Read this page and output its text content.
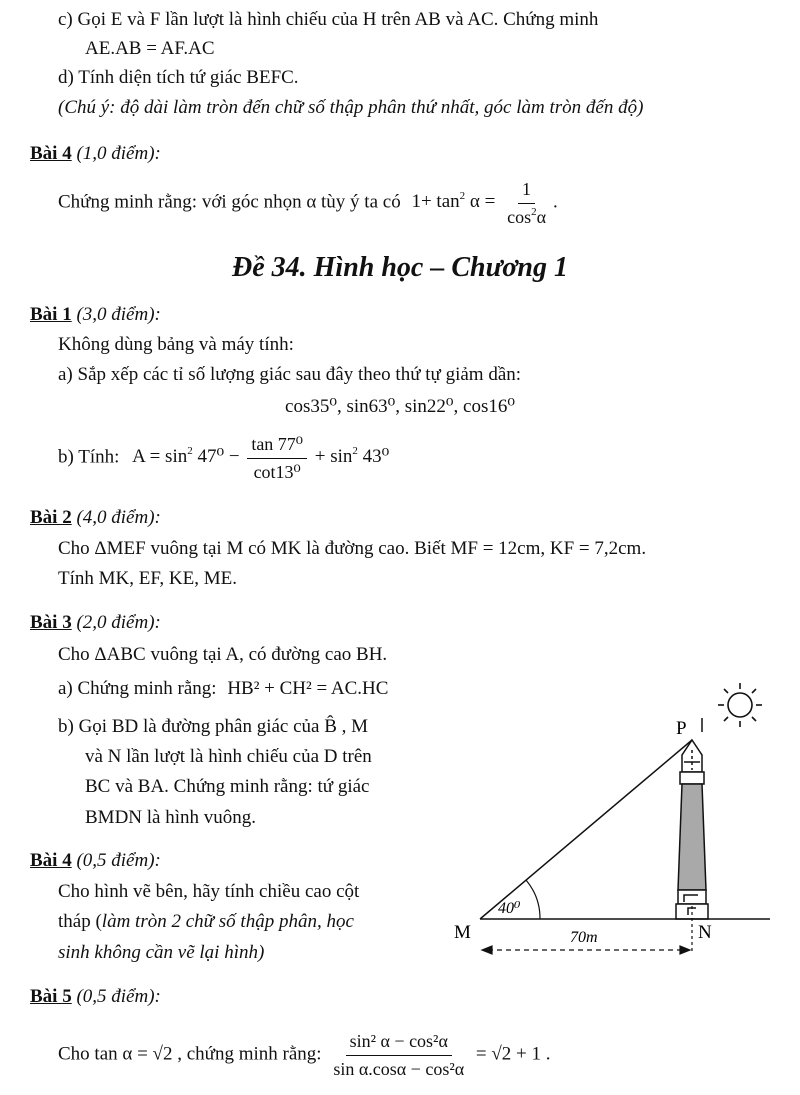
c) Gọi E và F lần lượt là hình chiếu của H trên AB và AC. Chứng minh
AE.AB = AF.AC
d) Tính diện tích tứ giác BEFC.
(Chú ý: độ dài làm tròn đến chữ số thập phân thứ nhất, góc làm tròn đến độ)
Bài 4 (1,0 điểm):
Chứng minh rằng: với góc nhọn α tùy ý ta có $1+ \tan^2 \alpha = \frac{1}{\cos^2\alpha}$ .
Đề 34. Hình học – Chương 1
Bài 1 (3,0 điểm):
Không dùng bảng và máy tính:
a) Sắp xếp các tỉ số lượng giác sau đây theo thứ tự giảm dần:
cos35⁰, sin63⁰, sin22⁰, cos16⁰
b) Tính: $A = \sin^2 47^0 - \frac{\text{tan 77⁰}}{\text{cot13⁰}} + \sin^2 43^0$
Bài 2 (4,0 điểm):
Cho ΔMEF vuông tại M có MK là đường cao. Biết MF = 12cm, KF = 7,2cm.
Tính MK, EF, KE, ME.
Bài 3 (2,0 điểm):
Cho ΔABC vuông tại A, có đường cao BH.
a) Chứng minh rằng: HB² + CH² = AC.HC
b) Gọi BD là đường phân giác của B̂ , M
và N lần lượt là hình chiếu của D trên
BC và BA. Chứng minh rằng: tứ giác
BMDN là hình vuông.
Bài 4 (0,5 điểm):
Cho hình vẽ bên, hãy tính chiều cao cột
tháp (làm tròn 2 chữ số thập phân, học
sinh không cần vẽ lại hình)
40⁰
70m
M	N
P
Bài 5 (0,5 điểm):
Cho tan α = √2 , chứng minh rằng: $\frac{\text{sin² α − cos²α}}{\text{sin α.cosα − cos²α}} = √2 + 1$ .
